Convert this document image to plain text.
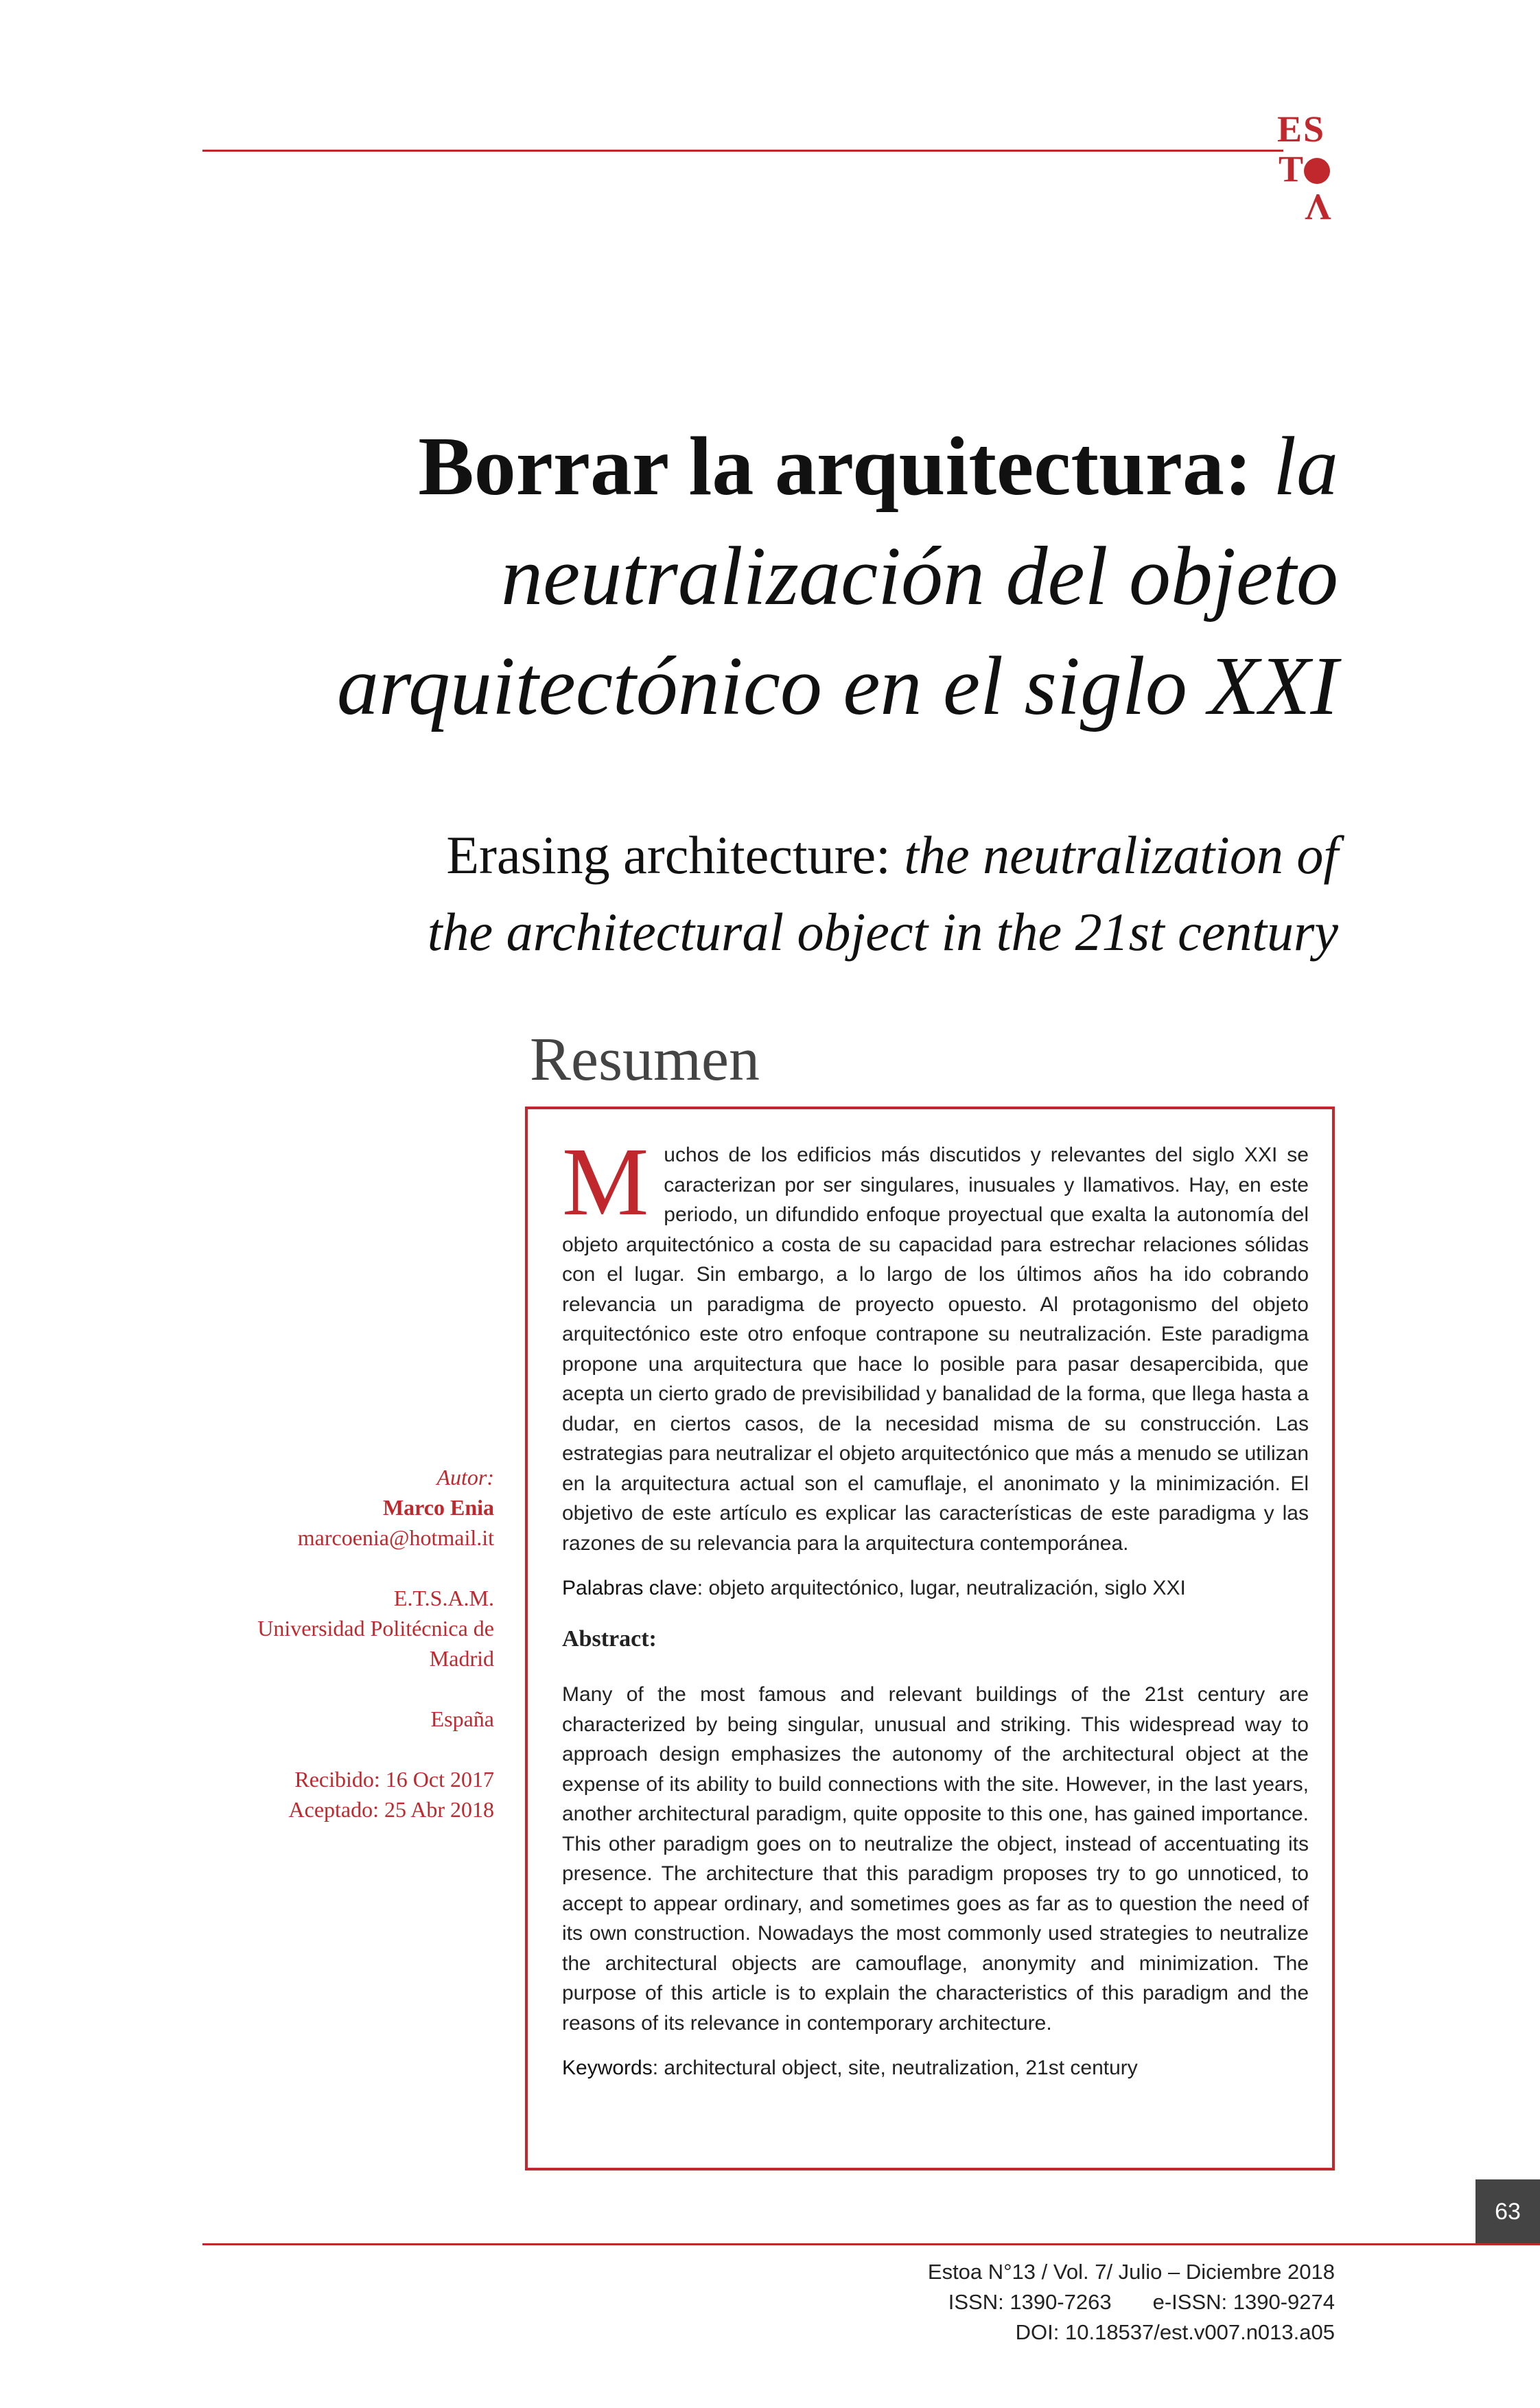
ES
T
V
Borrar la arquitectura: la
neutralización del objeto
arquitectónico en el siglo XXI
Erasing architecture: the neutralization of
the architectural object in the 21st century
Resumen

Muchos de los edificios más discutidos y relevantes del siglo XXI se caracterizan por ser singulares, inusuales y llamativos. Hay, en este periodo, un difundido enfoque proyectual que exalta la autonomía del objeto arquitectónico a costa de su capacidad para estrechar relaciones sólidas con el lugar. Sin embargo, a lo largo de los últimos años ha ido cobrando relevancia un paradigma de proyecto opuesto. Al protagonismo del objeto arquitectónico este otro enfoque contrapone su neutralización. Este paradigma propone una arquitectura que hace lo posible para pasar desapercibida, que acepta un cierto grado de previsibilidad y banalidad de la forma, que llega hasta a dudar, en ciertos casos, de la necesidad misma de su construcción. Las estrategias para neutralizar el objeto arquitectónico que más a menudo se utilizan en la arquitectura actual son el camuflaje, el anonimato y la minimización. El objetivo de este artículo es explicar las características de este paradigma y las razones de su relevancia para la arquitectura contemporánea.

Palabras clave: objeto arquitectónico, lugar, neutralización, siglo XXI

Abstract:

Many of the most famous and relevant buildings of the 21st century are characterized by being singular, unusual and striking. This widespread way to approach design emphasizes the autonomy of the architectural object at the expense of its ability to build connections with the site. However, in the last years, another architectural paradigm, quite opposite to this one, has gained importance. This other paradigm goes on to neutralize the object, instead of accentuating its presence. The architecture that this paradigm proposes try to go unnoticed, to accept to appear ordinary, and sometimes goes as far as to question the need of its own construction. Nowadays the most commonly used strategies to neutralize the architectural objects are camouflage, anonymity and minimization. The purpose of this article is to explain the characteristics of this paradigm and the reasons of its relevance in contemporary architecture.

Keywords: architectural object, site, neutralization, 21st century

Autor:
Marco Enia
marcoenia@hotmail.it
E.T.S.A.M.
Universidad Politécnica de
Madrid
España
Recibido: 16 Oct 2017
Aceptado: 25 Abr 2018
63
Estoa N°13 / Vol. 7/ Julio – Diciembre 2018
ISSN: 1390-7263 e-ISSN: 1390-9274
DOI: 10.18537/est.v007.n013.a05
